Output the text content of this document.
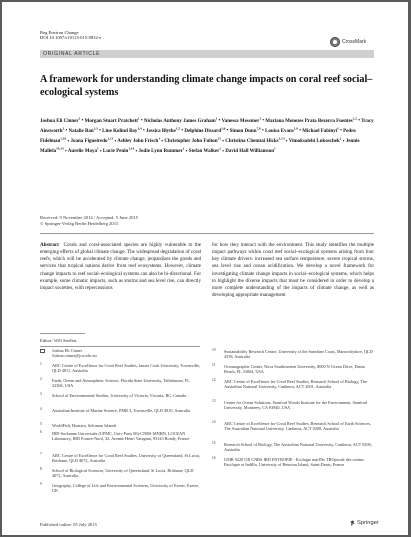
Reg Environ Change
DOI 10.1007/s10113-015-0832-z
CrossMark
ORIGINAL ARTICLE
A framework for understanding climate change impacts on coral reef social–ecological systems
Joshua Eli Cinner$^1$ • Morgan Stuart Pratchett$^1$ • Nicholas Anthony James Graham$^1$ • Vanessa Messmer$^1$ • Mariana Menezes Prata Bezerra Fuentes$^{1,2}$ • Tracy Ainsworth$^1$ • Natalie Ban$^{1,3}$ • Line Kolind Bay$^{1,4}$ • Jessica Blythe$^{1,5}$ • Delphine Dissard$^{1,6}$ • Simon Dunn$^{7,8}$ • Louisa Evans$^{1,9}$ • Michael Fabinyi$^1$ • Pedro Fidelman$^{1,10}$ • Joana Figueiredo$^{1,11}$ • Ashley John Frisch$^1$ • Christopher John Fulton$^{12}$ • Christina Chemtai Hicks$^{1,13}$ • Vimoksalehi Lukoschek$^1$ • Jennie Mallela$^{14,15}$ • Aurelie Moya$^1$ • Lucie Penin$^{1,16}$ • Jodie Lynn Rummer$^1$ • Stefan Walker$^1$ • David Hall Williamson$^1$
Received: 9 November 2014 / Accepted: 5 June 2015
© Springer-Verlag Berlin Heidelberg 2015
Abstract Corals and coral-associated species are highly vulnerable to the emerging effects of global climate change. The widespread degradation of coral reefs, which will be accelerated by climate change, jeopardizes the goods and services that tropical nations derive from reef ecosystems. However, climate change impacts to reef social–ecological systems can also be bi-directional. For example, some climatic impacts, such as storms and sea level rise, can directly impact societies, with repercussions
for how they interact with the environment. This study identifies the multiple impact pathways within coral reef social–ecological systems arising from four key climate drivers: increased sea surface temperature, severe tropical storms, sea level rise and ocean acidification. We develop a novel framework for investigating climate change impacts in social–ecological systems, which helps to highlight the diverse impacts that must be considered in order to develop a more complete understanding of the impacts of climate change, as well as developing appropriate management
Editor: Will Steffen.
Joshua Eli Cinner
Joshua.cinner@jcu.edu.au
1 ARC Centre of Excellence for Coral Reef Studies, James Cook University, Townsville, QLD 4811, Australia
2 Earth, Ocean and Atmospheric Science, Florida State University, Tallahassee, FL 32306, USA
3 School of Environmental Studies, University of Victoria, Victoria, BC, Canada
4 Australian Institute of Marine Science, PMB 3, Townsville, QLD 4810, Australia
5 WorldFish, Honiara, Solomon Islands
6 IRD-Sorbonne Universités (UPMC, Univ Paris 06)-CNRS-MNHN, LOCEAN Laboratory, IRD France-Nord, 32, Avenue Henri Varagnat, 93143 Bondy, France
7 ARC Centre of Excellence for Coral Reef Studies, University of Queensland, St Lucia, Brisbane, QLD 4072, Australia
8 School of Biological Sciences, University of Queensland, St Lucia, Brisbane, QLD 4072, Australia
9 Geography, College of Life and Environmental Sciences, University of Exeter, Exeter, UK
10 Sustainability Research Centre, University of the Sunshine Coast, Maroochydore, QLD 4558, Australia
11 Oceanographic Center, Nova Southeastern University, 8000 N Ocean Drive, Dania Beach, FL 33004, USA
12 ARC Centre of Excellence for Coral Reef Studies, Research School of Biology, The Australian National University, Canberra, ACT 2601, Australia
13 Center for Ocean Solutions, Stanford Woods Institute for the Environment, Stanford University, Monterey, CA 93940, USA
14 ARC Centre of Excellence for Coral Reef Studies, Research School of Earth Sciences, The Australian National University, Canberra, ACT 0200, Australia
15 Research School of Biology, The Australian National University, Canberra, ACT 0200, Australia
16 UMR 9220 UR CNRS IRD ENTROPIE - Ecologie marINe TROpicale des océans Pacifique et IndiEn, University of Reunion Island, Saint-Denis, France
Published online: 05 July 2015	Springer
